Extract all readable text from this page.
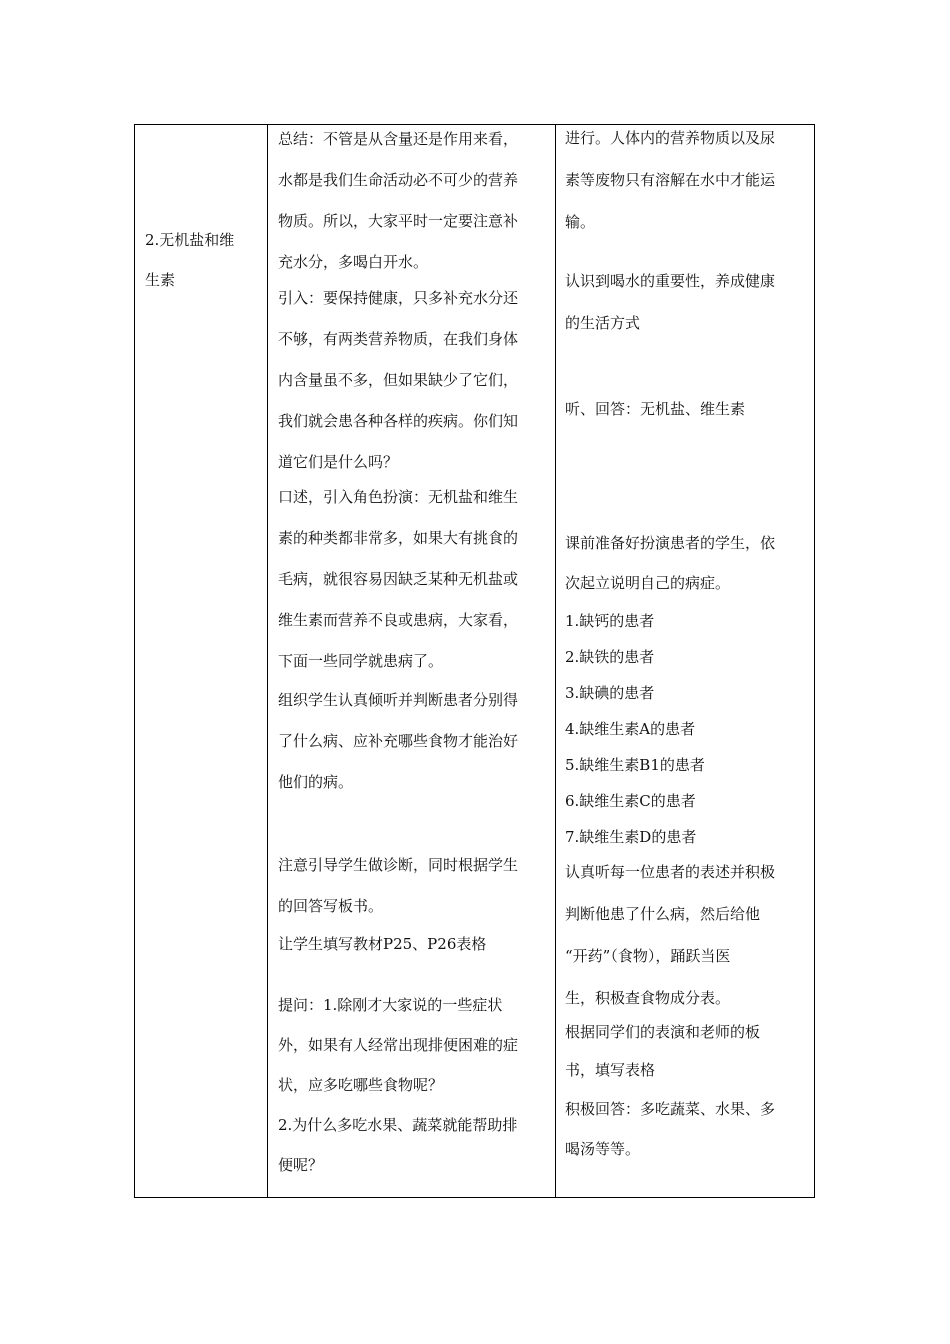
2.无机盐和维

生素

总结：不管是从含量还是作用来看，

水都是我们生命活动必不可少的营养

物质。所以，大家平时一定要注意补

充水分，多喝白开水。

引入：要保持健康，只多补充水分还

不够，有两类营养物质，在我们身体

内含量虽不多，但如果缺少了它们，

我们就会患各种各样的疾病。你们知

道它们是什么吗？

口述，引入角色扮演：无机盐和维生

素的种类都非常多，如果大有挑食的

毛病，就很容易因缺乏某种无机盐或

维生素而营养不良或患病，大家看，

下面一些同学就患病了。

组织学生认真倾听并判断患者分别得

了什么病、应补充哪些食物才能治好

他们的病。

注意引导学生做诊断，同时根据学生

的回答写板书。

让学生填写教材P25、P26表格

提问：1.除刚才大家说的一些症状

外，如果有人经常出现排便困难的症

状，应多吃哪些食物呢？

2.为什么多吃水果、蔬菜就能帮助排

便呢？

进行。人体内的营养物质以及尿

素等废物只有溶解在水中才能运

输。

认识到喝水的重要性，养成健康

的生活方式

听、回答：无机盐、维生素

课前准备好扮演患者的学生，依

次起立说明自己的病症。

1.缺钙的患者

2.缺铁的患者

3.缺碘的患者

4.缺维生素A的患者

5.缺维生素B1的患者

6.缺维生素C的患者

7.缺维生素D的患者

认真听每一位患者的表述并积极

判断他患了什么病，然后给他

“开药”（食物），踊跃当医

生，积极查食物成分表。

根据同学们的表演和老师的板

书，填写表格

积极回答：多吃蔬菜、水果、多

喝汤等等。
